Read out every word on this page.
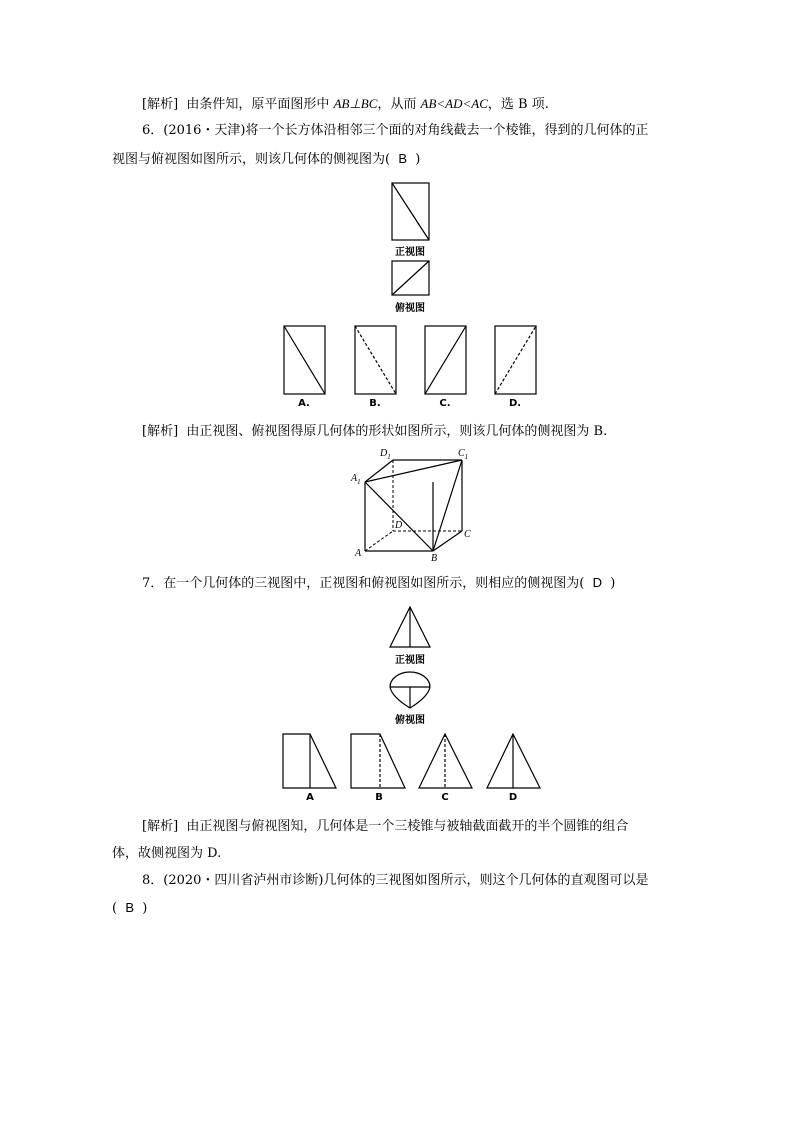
[解析] 由条件知，原平面图形中 AB⊥BC，从而 AB<AD<AC，选 B 项.
6．(2016・天津)将一个长方体沿相邻三个面的对角线截去一个棱锥，得到的几何体的正
视图与俯视图如图所示，则该几何体的侧视图为( B )
正视图
俯视图
A.	B.	C.	D.
[解析] 由正视图、俯视图得原几何体的形状如图所示，则该几何体的侧视图为 B.
$D_1$	$C_1$
$A_1$
D
C
A	B
7．在一个几何体的三视图中，正视图和俯视图如图所示，则相应的侧视图为( D )
正视图
俯视图
A	B	C	D
[解析] 由正视图与俯视图知，几何体是一个三棱锥与被轴截面截开的半个圆锥的组合
体，故侧视图为 D.
8．(2020・四川省泸州市诊断)几何体的三视图如图所示，则这个几何体的直观图可以是
( B )
